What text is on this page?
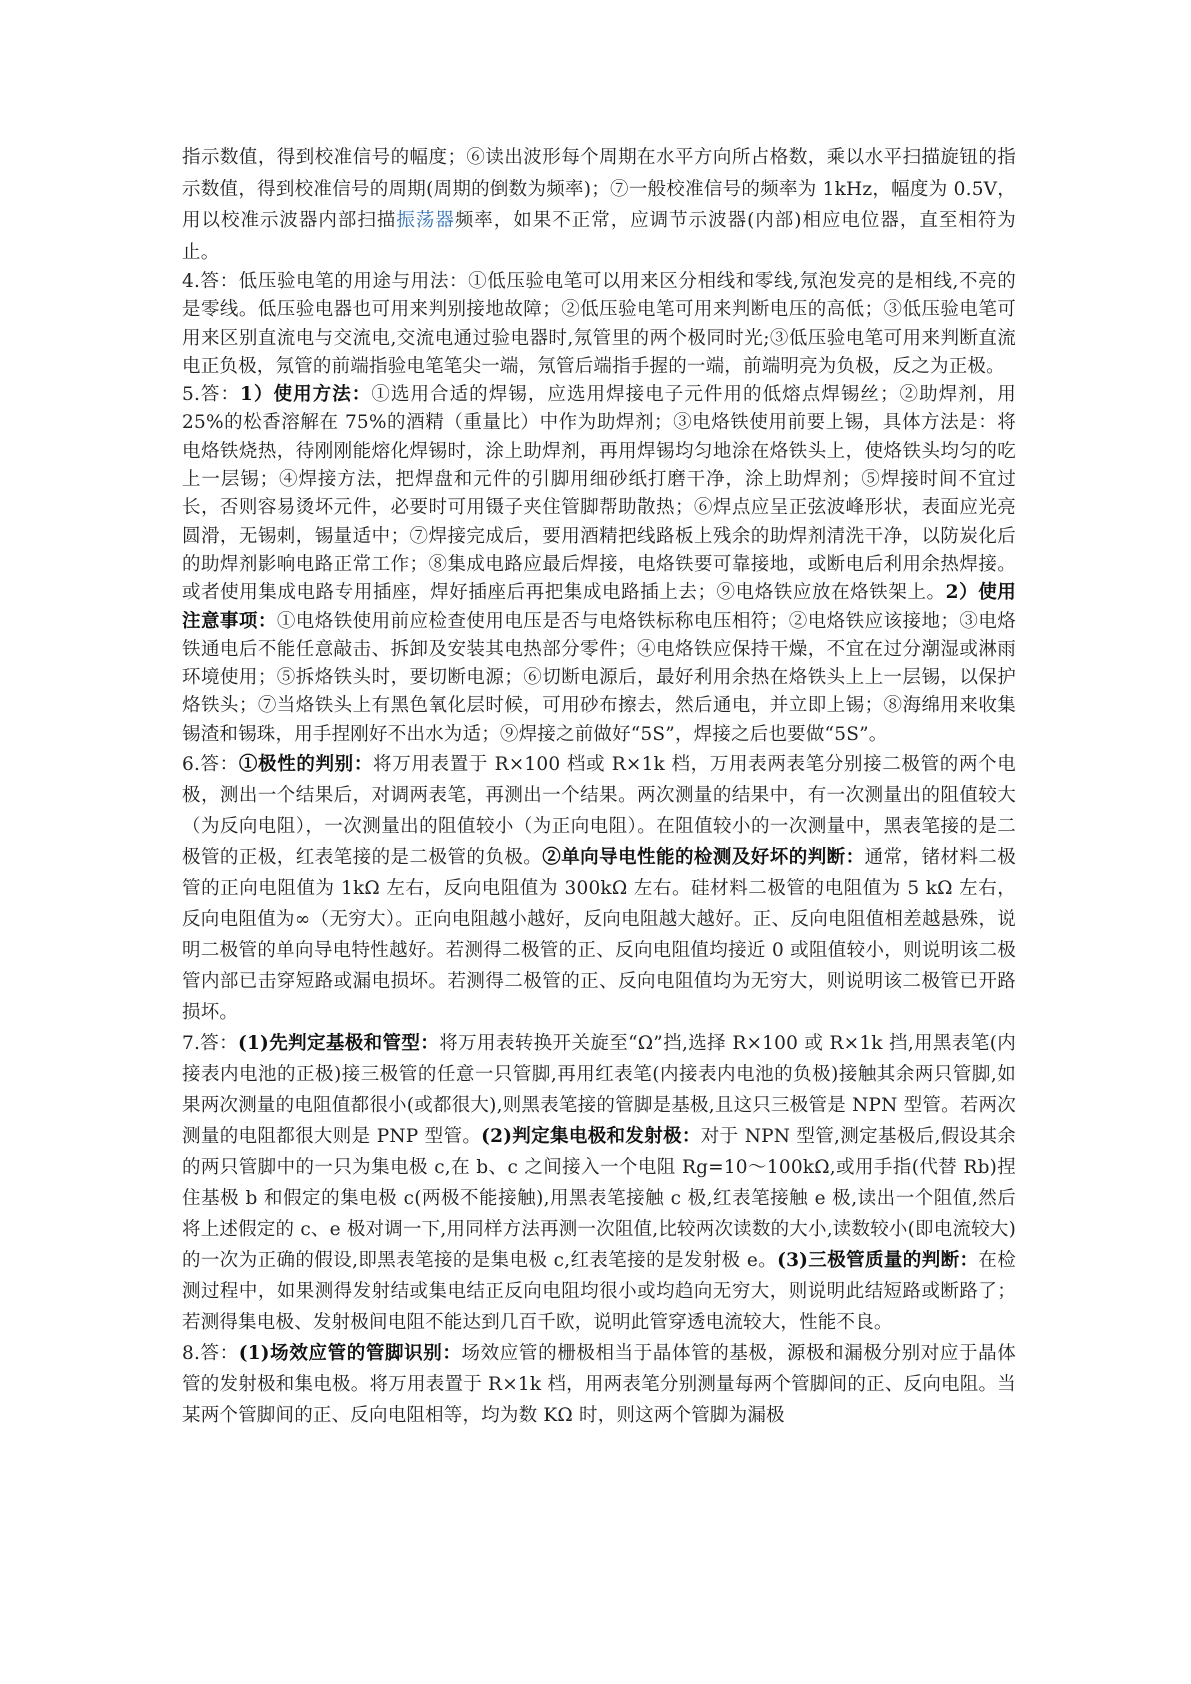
指示数值，得到校准信号的幅度；⑥读出波形每个周期在水平方向所占格数，乘以水平扫描旋钮的指示数值，得到校准信号的周期(周期的倒数为频率)；⑦一般校准信号的频率为 1kHz，幅度为 0.5V，用以校准示波器内部扫描振荡器频率，如果不正常，应调节示波器(内部)相应电位器，直至相符为止。

4.答：低压验电笔的用途与用法：①低压验电笔可以用来区分相线和零线,氖泡发亮的是相线,不亮的是零线。低压验电器也可用来判别接地故障；②低压验电笔可用来判断电压的高低；③低压验电笔可用来区别直流电与交流电,交流电通过验电器时,氖管里的两个极同时光;③低压验电笔可用来判断直流电正负极，氖管的前端指验电笔笔尖一端，氖管后端指手握的一端，前端明亮为负极，反之为正极。

5.答：1）使用方法：①选用合适的焊锡，应选用焊接电子元件用的低熔点焊锡丝；②助焊剂，用 25%的松香溶解在 75%的酒精（重量比）中作为助焊剂；③电烙铁使用前要上锡，具体方法是：将电烙铁烧热，待刚刚能熔化焊锡时，涂上助焊剂，再用焊锡均匀地涂在烙铁头上，使烙铁头均匀的吃上一层锡；④焊接方法，把焊盘和元件的引脚用细砂纸打磨干净，涂上助焊剂；⑤焊接时间不宜过长，否则容易烫坏元件，必要时可用镊子夹住管脚帮助散热；⑥焊点应呈正弦波峰形状，表面应光亮圆滑，无锡刺，锡量适中；⑦焊接完成后，要用酒精把线路板上残余的助焊剂清洗干净，以防炭化后的助焊剂影响电路正常工作；⑧集成电路应最后焊接，电烙铁要可靠接地，或断电后利用余热焊接。或者使用集成电路专用插座，焊好插座后再把集成电路插上去；⑨电烙铁应放在烙铁架上。2）使用注意事项：①电烙铁使用前应检查使用电压是否与电烙铁标称电压相符；②电烙铁应该接地；③电烙铁通电后不能任意敲击、拆卸及安装其电热部分零件；④电烙铁应保持干燥，不宜在过分潮湿或淋雨环境使用；⑤拆烙铁头时，要切断电源；⑥切断电源后，最好利用余热在烙铁头上上一层锡，以保护烙铁头；⑦当烙铁头上有黑色氧化层时候，可用砂布擦去，然后通电，并立即上锡；⑧海绵用来收集锡渣和锡珠，用手捏刚好不出水为适；⑨焊接之前做好“5S”，焊接之后也要做“5S”。

6.答：①极性的判别：将万用表置于 R×100 档或 R×1k 档，万用表两表笔分别接二极管的两个电极，测出一个结果后，对调两表笔，再测出一个结果。两次测量的结果中，有一次测量出的阻值较大（为反向电阻），一次测量出的阻值较小（为正向电阻）。在阻值较小的一次测量中，黑表笔接的是二极管的正极，红表笔接的是二极管的负极。②单向导电性能的检测及好坏的判断：通常，锗材料二极管的正向电阻值为 1kΩ 左右，反向电阻值为 300kΩ 左右。硅材料二极管的电阻值为 5 kΩ 左右，反向电阻值为∞（无穷大）。正向电阻越小越好，反向电阻越大越好。正、反向电阻值相差越悬殊，说明二极管的单向导电特性越好。若测得二极管的正、反向电阻值均接近 0 或阻值较小，则说明该二极管内部已击穿短路或漏电损坏。若测得二极管的正、反向电阻值均为无穷大，则说明该二极管已开路损坏。

7.答：(1)先判定基极和管型：将万用表转换开关旋至“Ω”挡,选择 R×100 或 R×1k 挡,用黑表笔(内接表内电池的正极)接三极管的任意一只管脚,再用红表笔(内接表内电池的负极)接触其余两只管脚,如果两次测量的电阻值都很小(或都很大),则黑表笔接的管脚是基极,且这只三极管是 NPN 型管。若两次测量的电阻都很大则是 PNP 型管。(2)判定集电极和发射极：对于 NPN 型管,测定基极后,假设其余的两只管脚中的一只为集电极 c,在 b、c 之间接入一个电阻 Rg=10～100kΩ,或用手指(代替 Rb)捏住基极 b 和假定的集电极 c(两极不能接触),用黑表笔接触 c 极,红表笔接触 e 极,读出一个阻值,然后将上述假定的 c、e 极对调一下,用同样方法再测一次阻值,比较两次读数的大小,读数较小(即电流较大)的一次为正确的假设,即黑表笔接的是集电极 c,红表笔接的是发射极 e。(3)三极管质量的判断：在检测过程中，如果测得发射结或集电结正反向电阻均很小或均趋向无穷大，则说明此结短路或断路了；若测得集电极、发射极间电阻不能达到几百千欧，说明此管穿透电流较大，性能不良。

8.答：(1)场效应管的管脚识别：场效应管的栅极相当于晶体管的基极，源极和漏极分别对应于晶体管的发射极和集电极。将万用表置于 R×1k 档，用两表笔分别测量每两个管脚间的正、反向电阻。当某两个管脚间的正、反向电阻相等，均为数 KΩ 时，则这两个管脚为漏极
